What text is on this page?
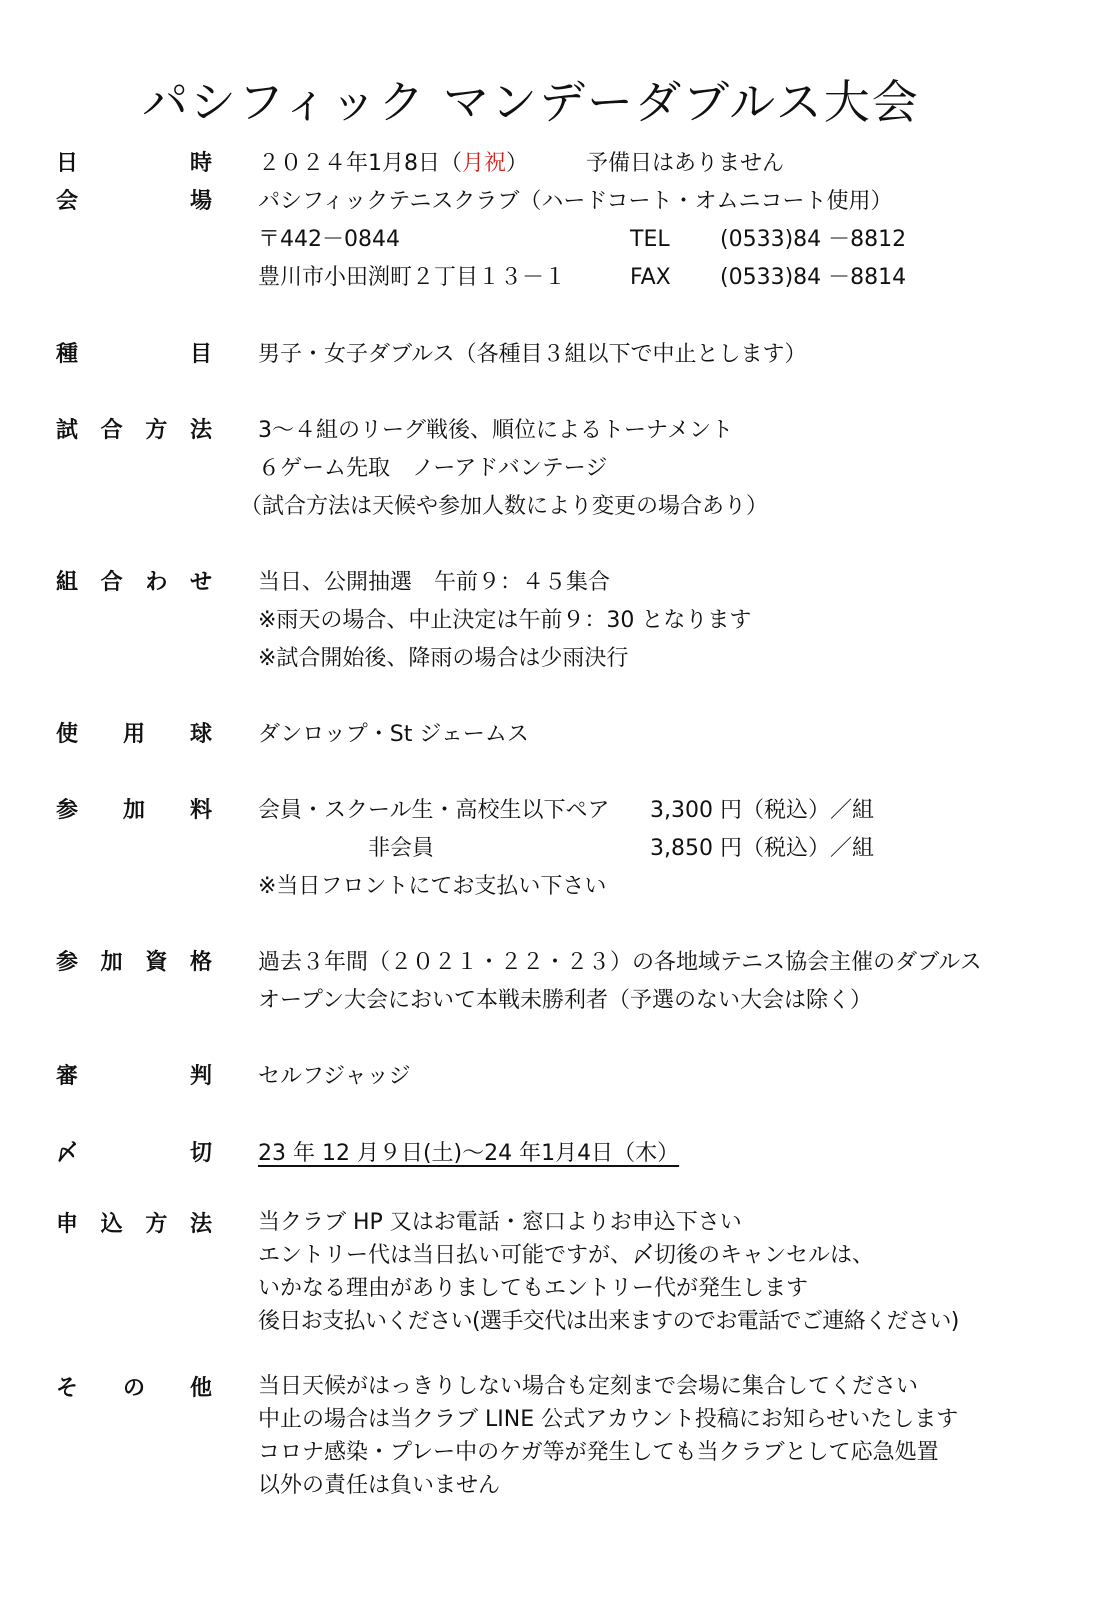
パシフィック マンデーダブルス大会
日	時 ２０２４年1月8日（月祝）	予備日はありません
会	場 パシフィックテニスクラブ（ハードコート・オムニコート使用）
〒442－0844	TEL (0533)84 －8812
豊川市小田渕町２丁目１３－１	FAX (0533)84 －8814
種	目 男子・女子ダブルス（各種目３組以下で中止とします）
試 合 方 法 3～４組のリーグ戦後、順位によるトーナメント
６ゲーム先取　ノーアドバンテージ
（試合方法は天候や参加人数により変更の場合あり）
組 合 わ せ 当日、公開抽選　午前９：４５集合
※雨天の場合、中止決定は午前９：30 となります
※試合開始後、降雨の場合は少雨決行
使 用 球 ダンロップ・St ジェームス
参 加 料 会員・スクール生・高校生以下ペア 3,300 円（税込）／組
非会員	3,850 円（税込）／組
※当日フロントにてお支払い下さい
参 加 資 格 過去３年間（２０２１・２２・２３）の各地域テニス協会主催のダブルス
オープン大会において本戦未勝利者（予選のない大会は除く）
審	判 セルフジャッジ
〆	切 23 年 12 月９日(土)～24 年1月4日（木）
申 込 方 法 当クラブ HP 又はお電話・窓口よりお申込下さい
エントリー代は当日払い可能ですが、〆切後のキャンセルは、
いかなる理由がありましてもエントリー代が発生します
後日お支払いください(選手交代は出来ますのでお電話でご連絡ください)
そ の 他 当日天候がはっきりしない場合も定刻まで会場に集合してください
中止の場合は当クラブ LINE 公式アカウント投稿にお知らせいたします
コロナ感染・プレー中のケガ等が発生しても当クラブとして応急処置
以外の責任は負いません
